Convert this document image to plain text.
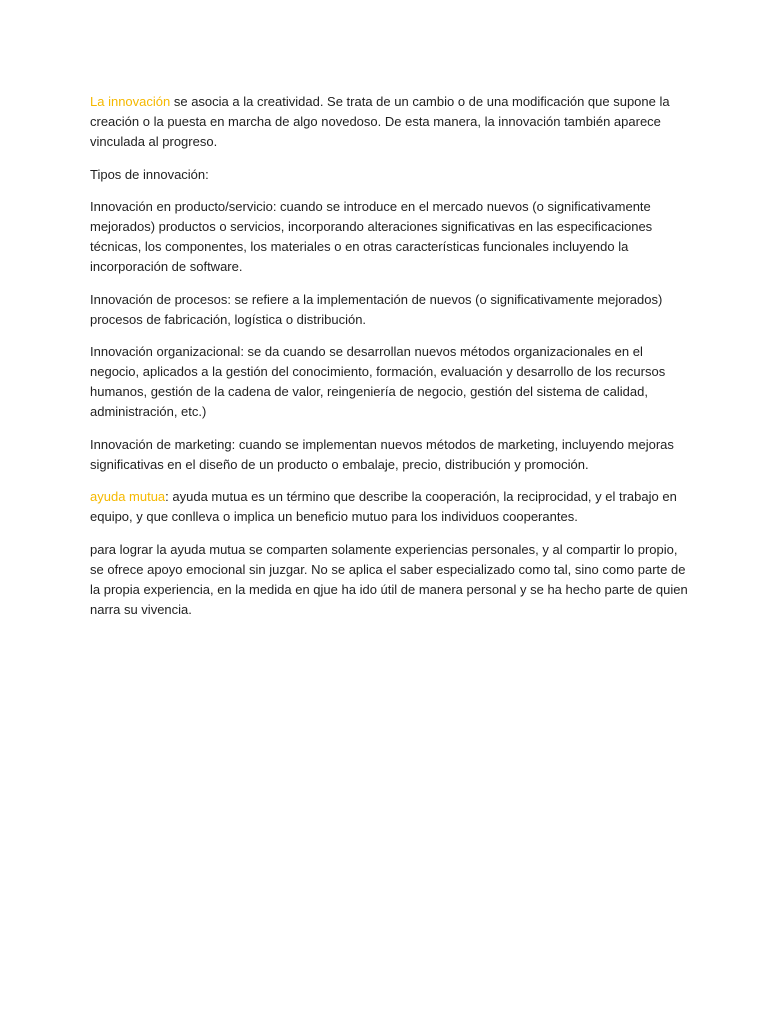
La innovación se asocia a la creatividad. Se trata de un cambio o de una modificación que supone la creación o la puesta en marcha de algo novedoso. De esta manera, la innovación también aparece vinculada al progreso.

Tipos de innovación:

Innovación en producto/servicio: cuando se introduce en el mercado nuevos (o significativamente mejorados) productos o servicios, incorporando alteraciones significativas en las especificaciones técnicas, los componentes, los materiales o en otras características funcionales incluyendo la incorporación de software.

Innovación de procesos: se refiere a la implementación de nuevos (o significativamente mejorados) procesos de fabricación, logística o distribución.

Innovación organizacional: se da cuando se desarrollan nuevos métodos organizacionales en el negocio, aplicados a la gestión del conocimiento, formación, evaluación y desarrollo de los recursos humanos, gestión de la cadena de valor, reingeniería de negocio, gestión del sistema de calidad, administración, etc.)

Innovación de marketing: cuando se implementan nuevos métodos de marketing, incluyendo mejoras significativas en el diseño de un producto o embalaje, precio, distribución y promoción.

ayuda mutua: ayuda mutua es un término que describe la cooperación, la reciprocidad, y el trabajo en equipo, y que conlleva o implica un beneficio mutuo para los individuos cooperantes.

para lograr la ayuda mutua se comparten solamente experiencias personales, y al compartir lo propio, se ofrece apoyo emocional sin juzgar. No se aplica el saber especializado como tal, sino como parte de la propia experiencia, en la medida en qjue ha ido útil de manera personal y se ha hecho parte de quien narra su vivencia.
